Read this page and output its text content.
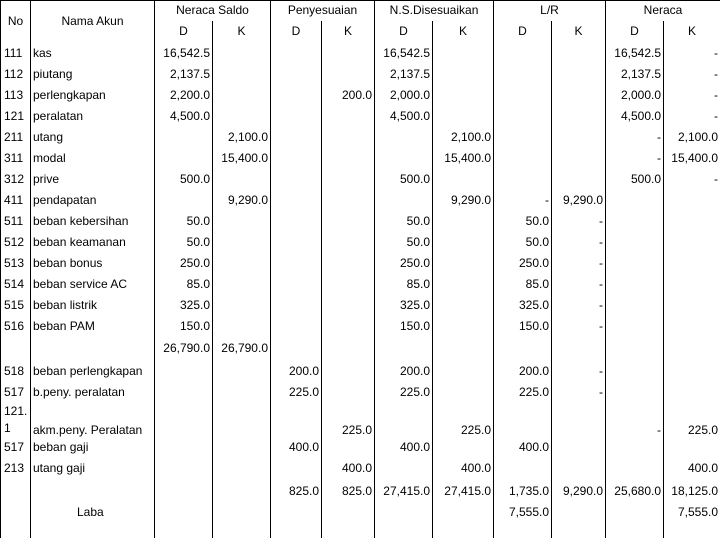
No	Nama Akun	Neraca Saldo		Penyesuaian		N.S.Disesuaikan		L/R		Neraca	
		D	K	D	K	D	K	D	K	D	K
111	kas	16,542.5				16,542.5				16,542.5	-
112	piutang	2,137.5				2,137.5				2,137.5	-
113	perlengkapan	2,200.0			200.0	2,000.0				2,000.0	-
121	peralatan	4,500.0				4,500.0				4,500.0	-
211	utang		2,100.0				2,100.0			-	2,100.0
311	modal		15,400.0				15,400.0			-	15,400.0
312	prive	500.0				500.0				500.0	-
411	pendapatan		9,290.0				9,290.0	-	9,290.0		
511	beban kebersihan	50.0				50.0		50.0	-		
512	beban keamanan	50.0				50.0		50.0	-		
513	beban bonus	250.0				250.0		250.0	-		
514	beban service AC	85.0				85.0		85.0	-		
515	beban listrik	325.0				325.0		325.0	-		
516	beban PAM	150.0				150.0		150.0	-		
		26,790.0	26,790.0								
518	beban perlengkapan			200.0		200.0		200.0	-		
517	b.peny. peralatan			225.0		225.0		225.0	-		
121. 1	akm.peny. Peralatan				225.0		225.0			-	225.0
517	beban gaji			400.0		400.0		400.0			
213	utang gaji				400.0		400.0				400.0
				825.0	825.0	27,415.0	27,415.0	1,735.0	9,290.0	25,680.0	18,125.0
	Laba							7,555.0			7,555.0
